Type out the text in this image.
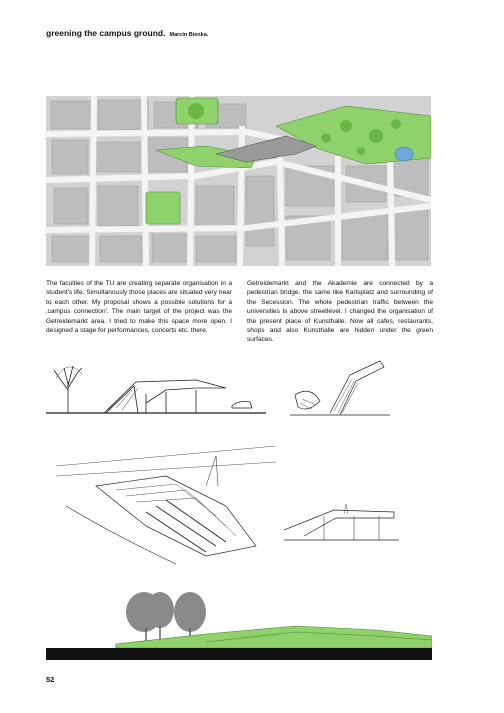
greening the campus ground. Marcin Bienka.

The faculties of the TU are creating separate organisation in a student's life. Simultanously those places are situated very near to each other. My proposal shows a possible solutions for a ‚campus connection'. The main target of the project was the Getreidemarkt area. I tried to make this space more open. I designed a stage for performances, concerts etc. there.

Getreidemarkt and the Akademie are connected by a pedestrian bridge, the same like Karlsplatz and surrounding of the Secession. The whole pedestrian traffic between the universities is above streetlevel. I changed the organisation of the present place of Kunsthalle. Now all cafes, restaurants, shops and also Kunsthalle are hidden under the green surfaces.

52
